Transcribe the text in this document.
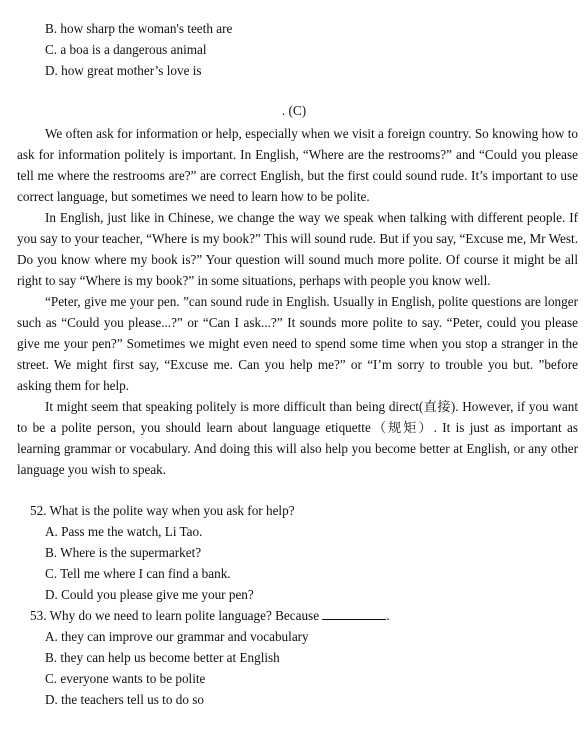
B. how sharp the woman's teeth are
C. a boa is a dangerous animal
D. how great mother’s love is
. (C)

We often ask for information or help, especially when we visit a foreign country. So knowing how to ask for information politely is important. In English, “Where are the restrooms?” and “Could you please tell me where the restrooms are?” are correct English, but the first could sound rude. It’s important to use correct language, but sometimes we need to learn how to be polite.

In English, just like in Chinese, we change the way we speak when talking with different people. If you say to your teacher, “Where is my book?” This will sound rude. But if you say, “Excuse me, Mr West. Do you know where my book is?” Your question will sound much more polite. Of course it might be all right to say “Where is my book?” in some situations, perhaps with people you know well.

“Peter, give me your pen. ”can sound rude in English. Usually in English, polite questions are longer such as “Could you please...?” or “Can I ask...?” It sounds more polite to say. “Peter, could you please give me your pen?” Sometimes we might even need to spend some time when you stop a stranger in the street. We might first say, “Excuse me. Can you help me?” or “I’m sorry to trouble you but. ”before asking them for help.

It might seem that speaking politely is more difficult than being direct(直接). However, if you want to be a polite person, you should learn about language etiquette（规矩）. It is just as important as learning grammar or vocabulary. And doing this will also help you become better at English, or any other language you wish to speak.

52. What is the polite way when you ask for help?
A. Pass me the watch, Li Tao.
B. Where is the supermarket?
C. Tell me where I can find a bank.
D. Could you please give me your pen?
53. Why do we need to learn polite language? Because	.
A. they can improve our grammar and vocabulary
B. they can help us become better at English
C. everyone wants to be polite
D. the teachers tell us to do so
